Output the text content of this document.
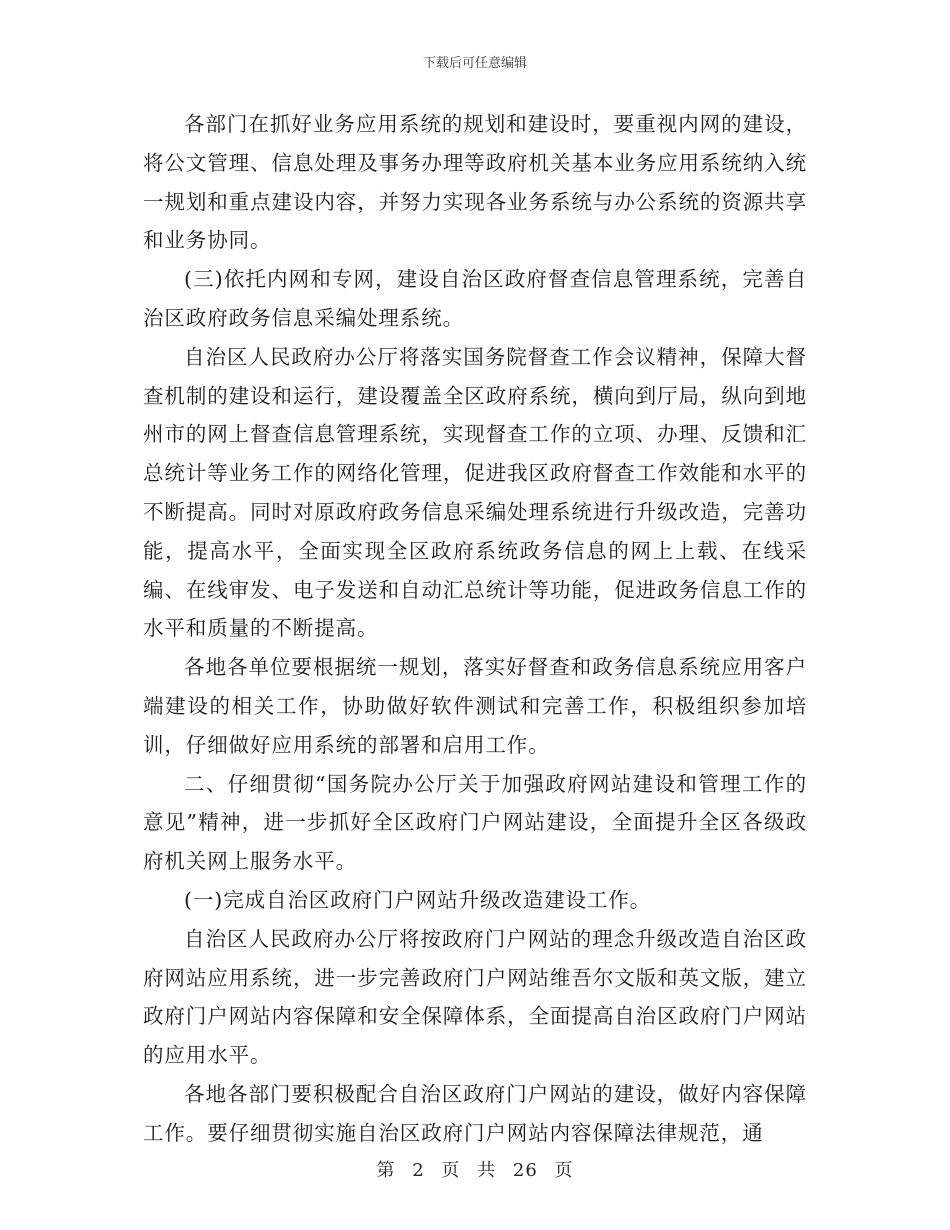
下载后可任意编辑

各部门在抓好业务应用系统的规划和建设时，要重视内网的建设，将公文管理、信息处理及事务办理等政府机关基本业务应用系统纳入统一规划和重点建设内容，并努力实现各业务系统与办公系统的资源共享和业务协同。

(三)依托内网和专网，建设自治区政府督查信息管理系统，完善自治区政府政务信息采编处理系统。

自治区人民政府办公厅将落实国务院督查工作会议精神，保障大督查机制的建设和运行，建设覆盖全区政府系统，横向到厅局，纵向到地州市的网上督查信息管理系统，实现督查工作的立项、办理、反馈和汇总统计等业务工作的网络化管理，促进我区政府督查工作效能和水平的不断提高。同时对原政府政务信息采编处理系统进行升级改造，完善功能，提高水平，全面实现全区政府系统政务信息的网上上载、在线采编、在线审发、电子发送和自动汇总统计等功能，促进政务信息工作的水平和质量的不断提高。

各地各单位要根据统一规划，落实好督查和政务信息系统应用客户端建设的相关工作，协助做好软件测试和完善工作，积极组织参加培训，仔细做好应用系统的部署和启用工作。

二、仔细贯彻“国务院办公厅关于加强政府网站建设和管理工作的意见”精神，进一步抓好全区政府门户网站建设，全面提升全区各级政府机关网上服务水平。

(一)完成自治区政府门户网站升级改造建设工作。

自治区人民政府办公厅将按政府门户网站的理念升级改造自治区政府网站应用系统，进一步完善政府门户网站维吾尔文版和英文版，建立政府门户网站内容保障和安全保障体系，全面提高自治区政府门户网站的应用水平。

各地各部门要积极配合自治区政府门户网站的建设，做好内容保障工作。要仔细贯彻实施自治区政府门户网站内容保障法律规范，通

第 2 页 共 26 页
